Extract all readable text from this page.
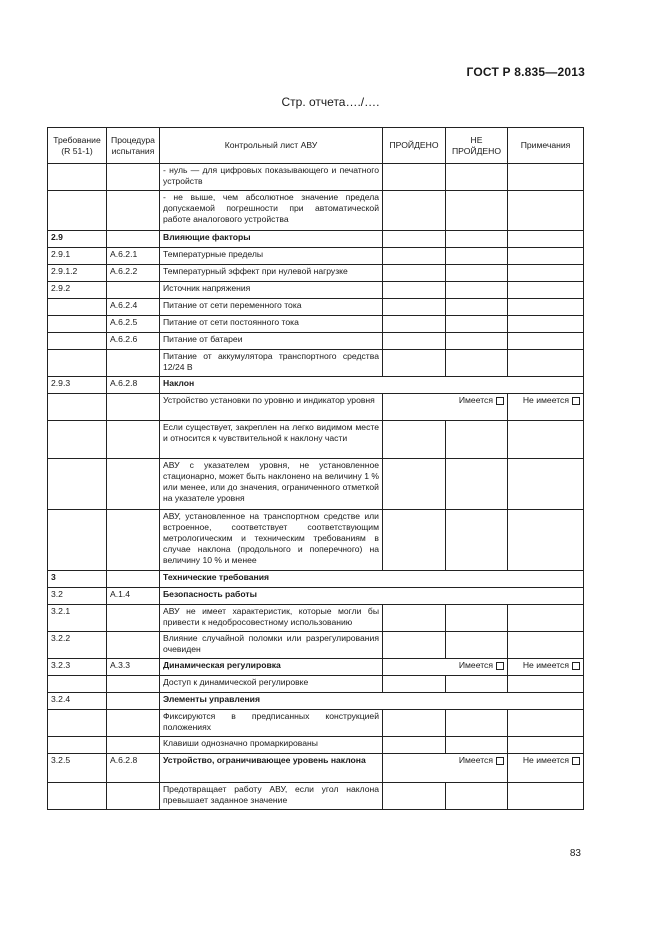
ГОСТ Р 8.835—2013
Стр. отчета…./….
Требование (R 51-1)	Процедура испытания	Контрольный лист АВУ	ПРОЙДЕНО	НЕ ПРОЙДЕНО	Примечания
		- нуль — для цифровых показывающего и печатного устройств			
		- не выше, чем абсолютное значение предела допускаемой погрешности при автоматической работе аналогового устройства			
2.9		Влияющие факторы			
2.9.1	A.6.2.1	Температурные пределы			
2.9.1.2	A.6.2.2	Температурный эффект при нулевой нагрузке			
2.9.2		Источник напряжения			
	A.6.2.4	Питание от сети переменного тока			
	A.6.2.5	Питание от сети постоянного тока			
	A.6.2.6	Питание от батареи			
		Питание от аккумулятора транспортного средства 12/24 В			
2.9.3	A.6.2.8	Наклон			
		Устройство установки по уровню и индикатор уровня	Имеется		Не имеется
		Если существует, закреплен на легко видимом месте и относится к чувствительной к наклону части			
		АВУ с указателем уровня, не установленное стационарно, может быть наклонено на величину 1 % или менее, или до значения, ограниченного отметкой на указателе уровня			
		АВУ, установленное на транспортном средстве или встроенное, соответствует соответствующим метрологическим и техническим требованиям в случае наклона (продольного и поперечного) на величину 10 % и менее			
3		Технические требования			
3.2	A.1.4	Безопасность работы			
3.2.1		АВУ не имеет характеристик, которые могли бы привести к недобросовестному использованию			
3.2.2		Влияние случайной поломки или разрегулирования очевиден			
3.2.3	A.3.3	Динамическая регулировка	Имеется		Не имеется
		Доступ к динамической регулировке			
3.2.4		Элементы управления			
		Фиксируются в предписанных конструкцией положениях			
		Клавиши однозначно промаркированы			
3.2.5	A.6.2.8	Устройство, ограничивающее уровень наклона	Имеется		Не имеется
		Предотвращает работу АВУ, если угол наклона превышает заданное значение			
83
